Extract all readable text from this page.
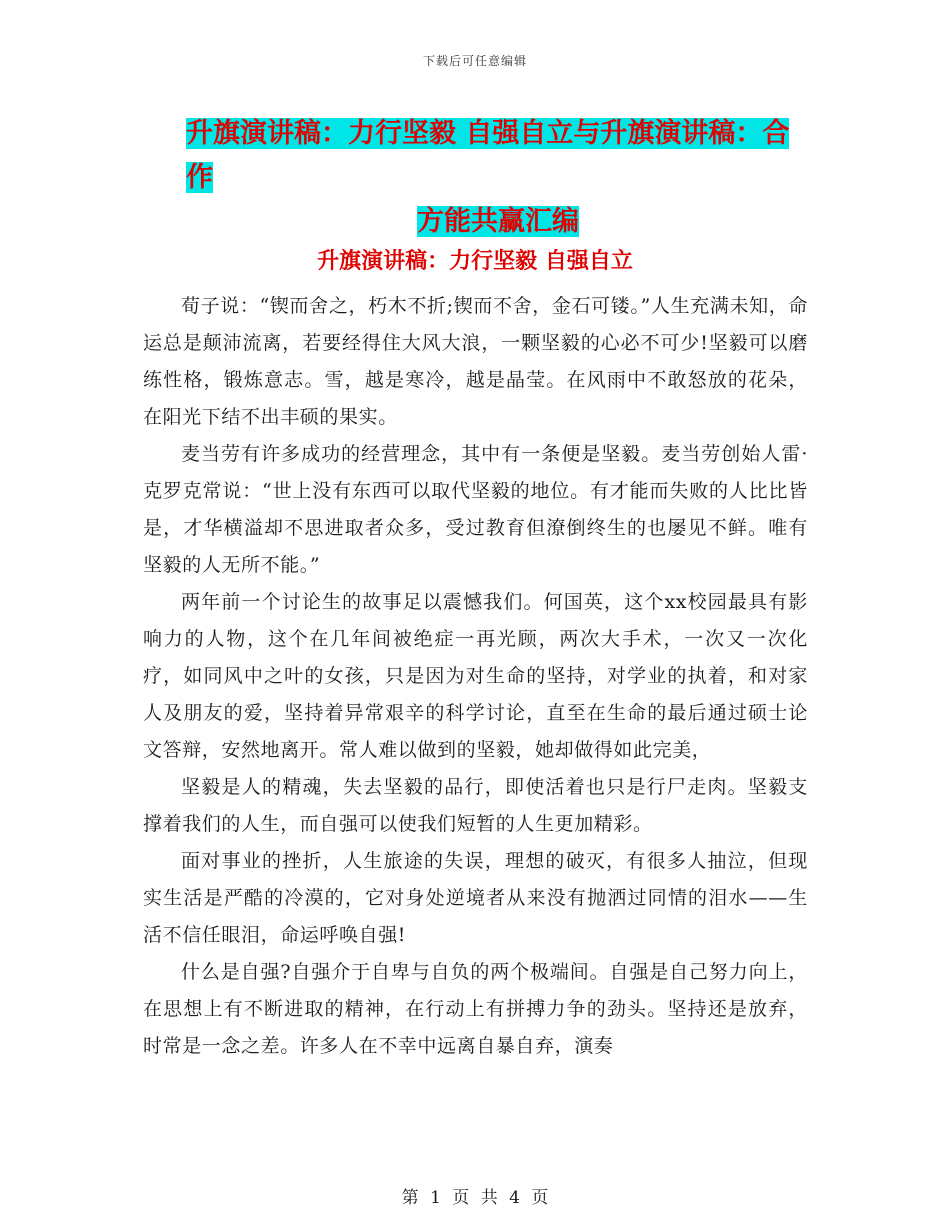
下载后可任意编辑
升旗演讲稿：力行坚毅 自强自立与升旗演讲稿：合作
方能共赢汇编
升旗演讲稿：力行坚毅 自强自立

荀子说：“锲而舍之，朽木不折;锲而不舍，金石可镂。”人生充满未知，命运总是颠沛流离，若要经得住大风大浪，一颗坚毅的心必不可少!坚毅可以磨练性格，锻炼意志。雪，越是寒冷，越是晶莹。在风雨中不敢怒放的花朵，在阳光下结不出丰硕的果实。

麦当劳有许多成功的经营理念，其中有一条便是坚毅。麦当劳创始人雷·克罗克常说：“世上没有东西可以取代坚毅的地位。有才能而失败的人比比皆是，才华横溢却不思进取者众多，受过教育但潦倒终生的也屡见不鲜。唯有坚毅的人无所不能。”

两年前一个讨论生的故事足以震憾我们。何国英，这个xx校园最具有影响力的人物，这个在几年间被绝症一再光顾，两次大手术，一次又一次化疗，如同风中之叶的女孩，只是因为对生命的坚持，对学业的执着，和对家人及朋友的爱，坚持着异常艰辛的科学讨论，直至在生命的最后通过硕士论文答辩，安然地离开。常人难以做到的坚毅，她却做得如此完美，

坚毅是人的精魂，失去坚毅的品行，即使活着也只是行尸走肉。坚毅支撑着我们的人生，而自强可以使我们短暂的人生更加精彩。

面对事业的挫折，人生旅途的失误，理想的破灭，有很多人抽泣，但现实生活是严酷的冷漠的，它对身处逆境者从来没有抛洒过同情的泪水——生活不信任眼泪，命运呼唤自强!

什么是自强?自强介于自卑与自负的两个极端间。自强是自己努力向上，在思想上有不断进取的精神，在行动上有拼搏力争的劲头。坚持还是放弃，时常是一念之差。许多人在不幸中远离自暴自弃，演奏

第 1 页 共 4 页
